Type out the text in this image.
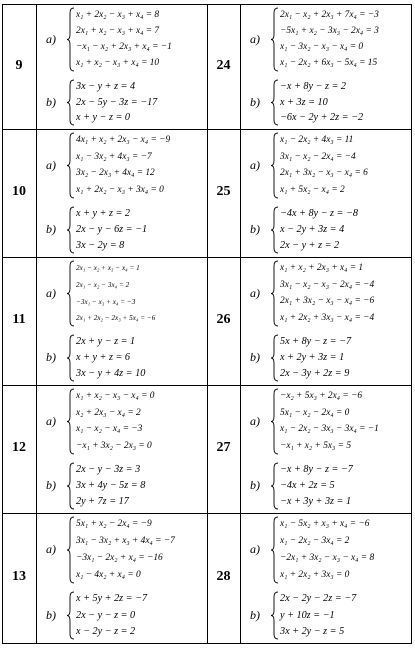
9
a)
b)
x₁ + 2x₂ − x₃ + x₄ = 8
2x₁ + x₂ − x₃ + x₄ = 7
−x₁ − x₂ + 2x₃ + x₄ = −1
x₁ + x₂ − x₃ + x₄ = 10
3x − y + z = 4
2x − 5y − 3z = −17
x + y − z = 0
24
a)
b)
2x₁ − x₂ + 2x₃ + 7x₄ = −3
−5x₁ + x₂ − 3x₃ − 2x₄ = 3
x₁ − 3x₂ − x₃ − x₄ = 0
x₁ − 2x₂ + 6x₃ − 5x₄ = 15
−x + 8y − z = 2
x + 3z = 10
−6x − 2y + 2z = −2
10
a)
b)
4x₁ + x₂ + 2x₃ − x₄ = −9
x₁ − 3x₂ + 4x₃ = −7
3x₂ − 2x₃ + 4x₄ = 12
x₁ + 2x₂ − x₃ + 3x₄ = 0
x + y + z = 2
2x − y − 6z = −1
3x − 2y = 8
25
a)
b)
x₁ − 2x₂ + 4x₃ = 11
3x₁ − x₂ − 2x₄ = −4
2x₁ + 3x₂ − x₃ − x₄ = 6
x₁ + 5x₂ − x₄ = 2
−4x + 8y − z = −8
x − 2y + 3z = 4
2x − y + z = 2
11
a)
b)
2x₁ − x₂ + x₃ − x₄ = 1
2x₁ − x₂ − 3x₄ = 2
−3x₁ − x₃ + x₄ = −3
2x₁ + 2x₂ − 2x₃ + 5x₄ = −6
2x + y − z = 1
x + y + z = 6
3x − y + 4z = 10
26
a)
b)
x₁ + x₂ + 2x₃ + x₄ = 1
3x₁ − x₂ − x₃ − 2x₄ = −4
2x₁ + 3x₂ − x₃ − x₄ = −6
x₁ + 2x₂ + 3x₃ − x₄ = −4
5x + 8y − z = −7
x + 2y + 3z = 1
2x − 3y + 2z = 9
12
a)
b)
x₁ + x₂ − x₃ − x₄ = 0
x₂ + 2x₃ − x₄ = 2
x₁ − x₂ − x₄ = −3
−x₁ + 3x₂ − 2x₃ = 0
2x − y − 3z = 3
3x + 4y − 5z = 8
2y + 7z = 17
27
a)
b)
−x₂ + 5x₃ + 2x₄ = −6
5x₁ − x₂ − 2x₄ = 0
x₁ − 2x₂ − 3x₃ − 3x₄ = −1
−x₁ + x₂ + 5x₃ = 5
−x + 8y − z = −7
−4x + 2z = 5
−x + 3y + 3z = 1
13
a)
b)
5x₁ + x₂ − 2x₄ = −9
3x₁ − 3x₂ + x₃ + 4x₄ = −7
−3x₁ − 2x₂ + x₄ = −16
x₁ − 4x₂ + x₄ = 0
x + 5y + 2z = −7
2x − y − z = 0
x − 2y − z = 2
28
a)
b)
x₁ − 5x₂ + x₃ + x₄ = −6
x₁ − 2x₂ − 3x₄ = 2
−2x₁ + 3x₂ − x₃ − x₄ = 8
x₁ + 2x₂ + 3x₃ = 0
2x − 2y − 2z = −7
y + 10z = −1
3x + 2y − z = 5
